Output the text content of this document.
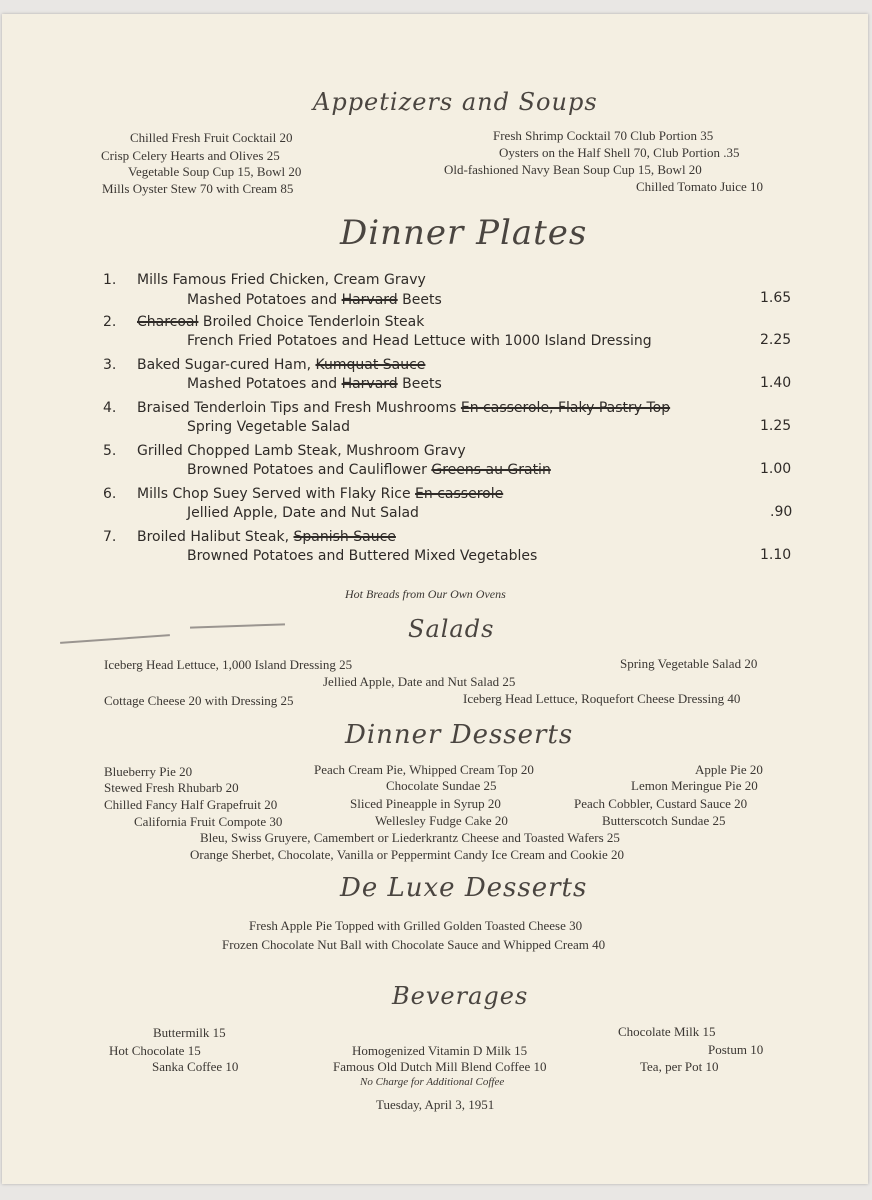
Appetizers and Soups
Chilled Fresh Fruit Cocktail 20
Crisp Celery Hearts and Olives 25
Vegetable Soup Cup 15, Bowl 20
Mills Oyster Stew 70 with Cream 85
Fresh Shrimp Cocktail 70 Club Portion 35
Oysters on the Half Shell 70, Club Portion .35
Old-fashioned Navy Bean Soup Cup 15, Bowl 20
Chilled Tomato Juice 10
Dinner Plates
1. Mills Famous Fried Chicken, Cream Gravy
Mashed Potatoes and Harvard Beets	1.65
2. Charcoal Broiled Choice Tenderloin Steak
French Fried Potatoes and Head Lettuce with 1000 Island Dressing	2.25
3. Baked Sugar-cured Ham, Kumquat Sauce
Mashed Potatoes and Harvard Beets	1.40
4. Braised Tenderloin Tips and Fresh Mushrooms En casserole, Flaky Pastry Top
Spring Vegetable Salad	1.25
5. Grilled Chopped Lamb Steak, Mushroom Gravy
Browned Potatoes and Cauliflower Greens au Gratin	1.00
6. Mills Chop Suey Served with Flaky Rice En casserole
Jellied Apple, Date and Nut Salad	.90
7. Broiled Halibut Steak, Spanish Sauce
Browned Potatoes and Buttered Mixed Vegetables	1.10
Hot Breads from Our Own Ovens
Salads
Iceberg Head Lettuce, 1,000 Island Dressing 25	Spring Vegetable Salad 20
Jellied Apple, Date and Nut Salad 25
Cottage Cheese 20 with Dressing 25	Iceberg Head Lettuce, Roquefort Cheese Dressing 40
Dinner Desserts
Blueberry Pie 20	Peach Cream Pie, Whipped Cream Top 20	Apple Pie 20
Stewed Fresh Rhubarb 20	Chocolate Sundae 25	Lemon Meringue Pie 20
Chilled Fancy Half Grapefruit 20	Sliced Pineapple in Syrup 20	Peach Cobbler, Custard Sauce 20
California Fruit Compote 30	Wellesley Fudge Cake 20	Butterscotch Sundae 25
Bleu, Swiss Gruyere, Camembert or Liederkrantz Cheese and Toasted Wafers 25
Orange Sherbet, Chocolate, Vanilla or Peppermint Candy Ice Cream and Cookie 20
De Luxe Desserts
Fresh Apple Pie Topped with Grilled Golden Toasted Cheese 30
Frozen Chocolate Nut Ball with Chocolate Sauce and Whipped Cream 40
Beverages
Buttermilk 15	Chocolate Milk 15
Hot Chocolate 15	Homogenized Vitamin D Milk 15	Postum 10
Sanka Coffee 10	Famous Old Dutch Mill Blend Coffee 10	Tea, per Pot 10
No Charge for Additional Coffee
Tuesday, April 3, 1951
